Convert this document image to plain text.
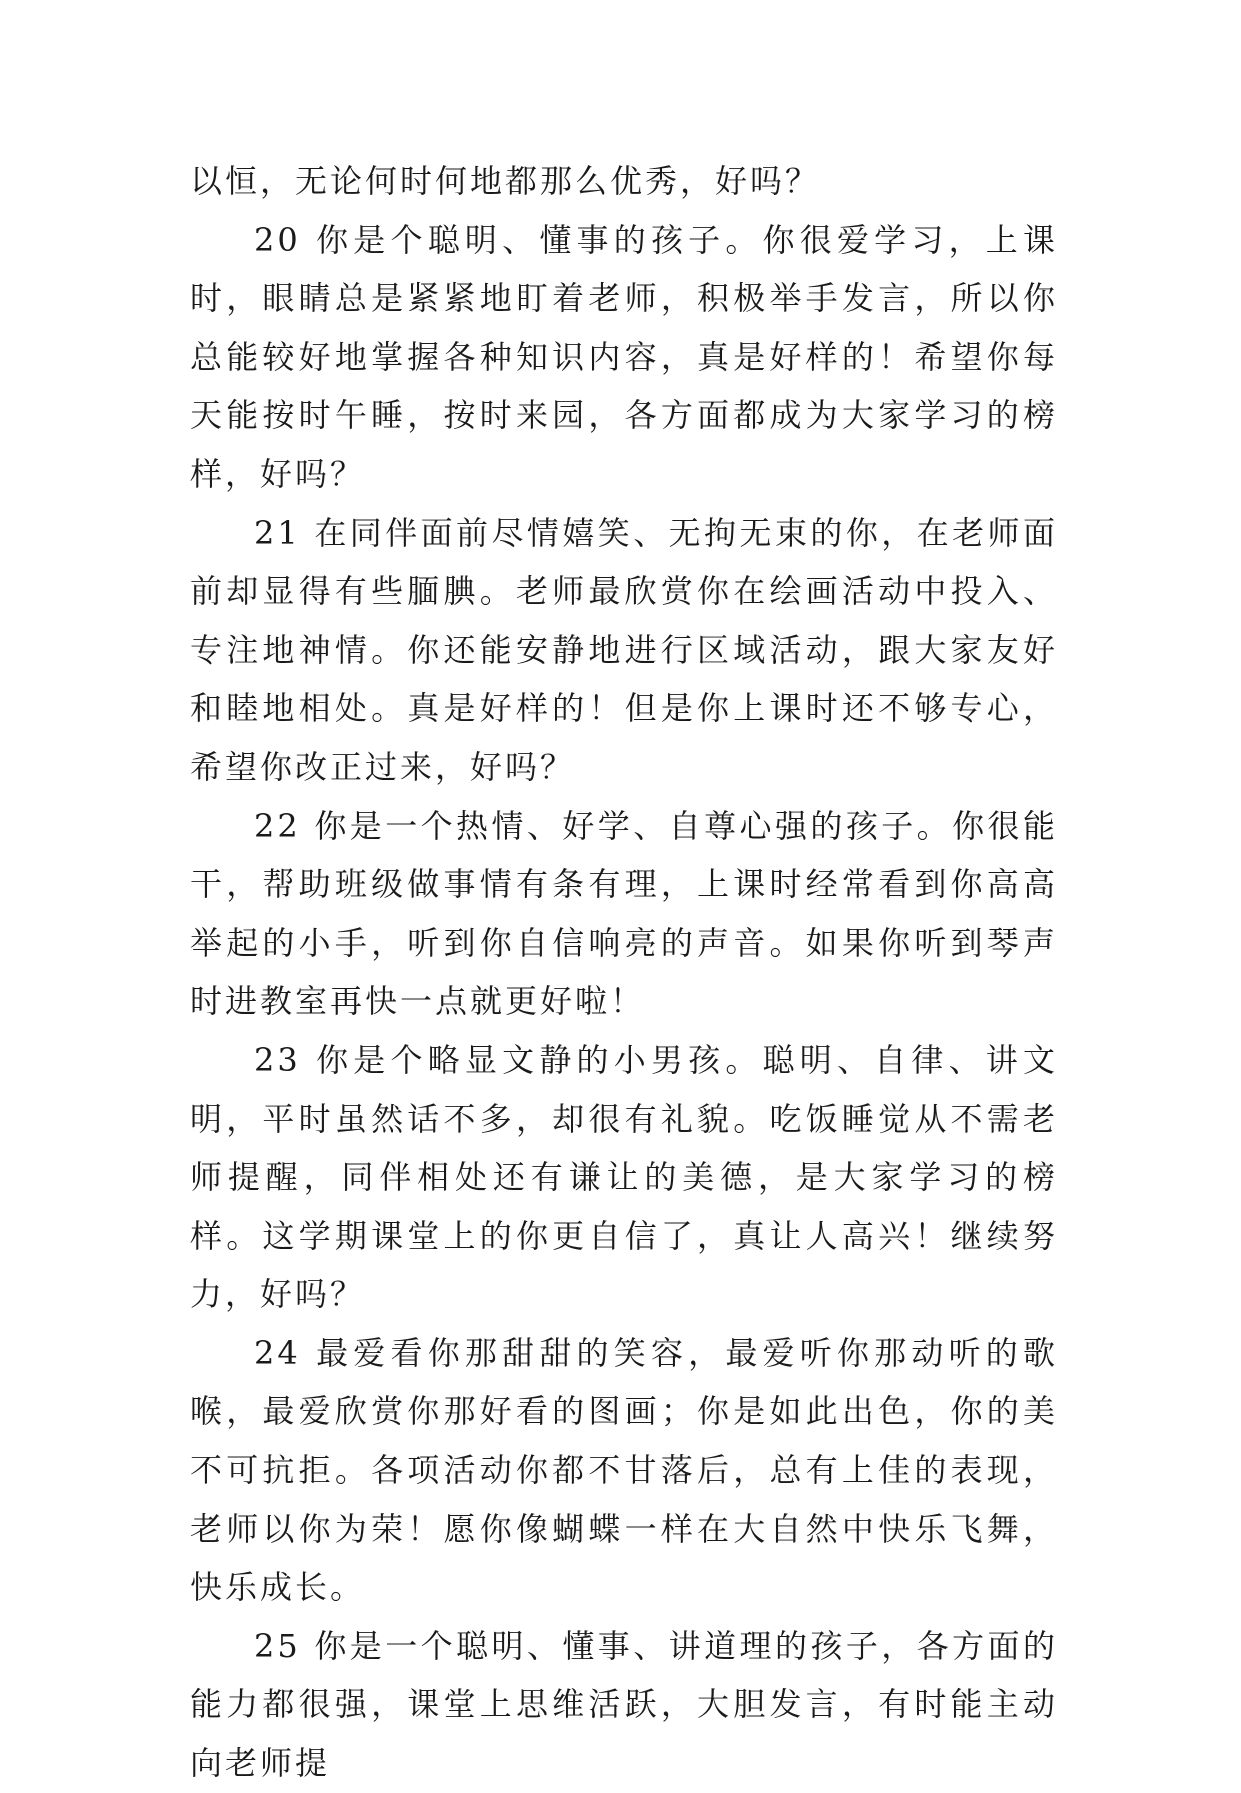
以恒，无论何时何地都那么优秀，好吗？

20 你是个聪明、懂事的孩子。你很爱学习，上课时，眼睛总是紧紧地盯着老师，积极举手发言，所以你总能较好地掌握各种知识内容，真是好样的！希望你每天能按时午睡，按时来园，各方面都成为大家学习的榜样，好吗？

21 在同伴面前尽情嬉笑、无拘无束的你，在老师面前却显得有些腼腆。老师最欣赏你在绘画活动中投入、专注地神情。你还能安静地进行区域活动，跟大家友好和睦地相处。真是好样的！但是你上课时还不够专心，希望你改正过来，好吗？

22 你是一个热情、好学、自尊心强的孩子。你很能干，帮助班级做事情有条有理，上课时经常看到你高高举起的小手，听到你自信响亮的声音。如果你听到琴声时进教室再快一点就更好啦！

23 你是个略显文静的小男孩。聪明、自律、讲文明，平时虽然话不多，却很有礼貌。吃饭睡觉从不需老师提醒，同伴相处还有谦让的美德，是大家学习的榜样。这学期课堂上的你更自信了，真让人高兴！继续努力，好吗？

24 最爱看你那甜甜的笑容，最爱听你那动听的歌喉，最爱欣赏你那好看的图画；你是如此出色，你的美不可抗拒。各项活动你都不甘落后，总有上佳的表现，老师以你为荣！愿你像蝴蝶一样在大自然中快乐飞舞，快乐成长。

25 你是一个聪明、懂事、讲道理的孩子，各方面的能力都很强，课堂上思维活跃，大胆发言，有时能主动向老师提
